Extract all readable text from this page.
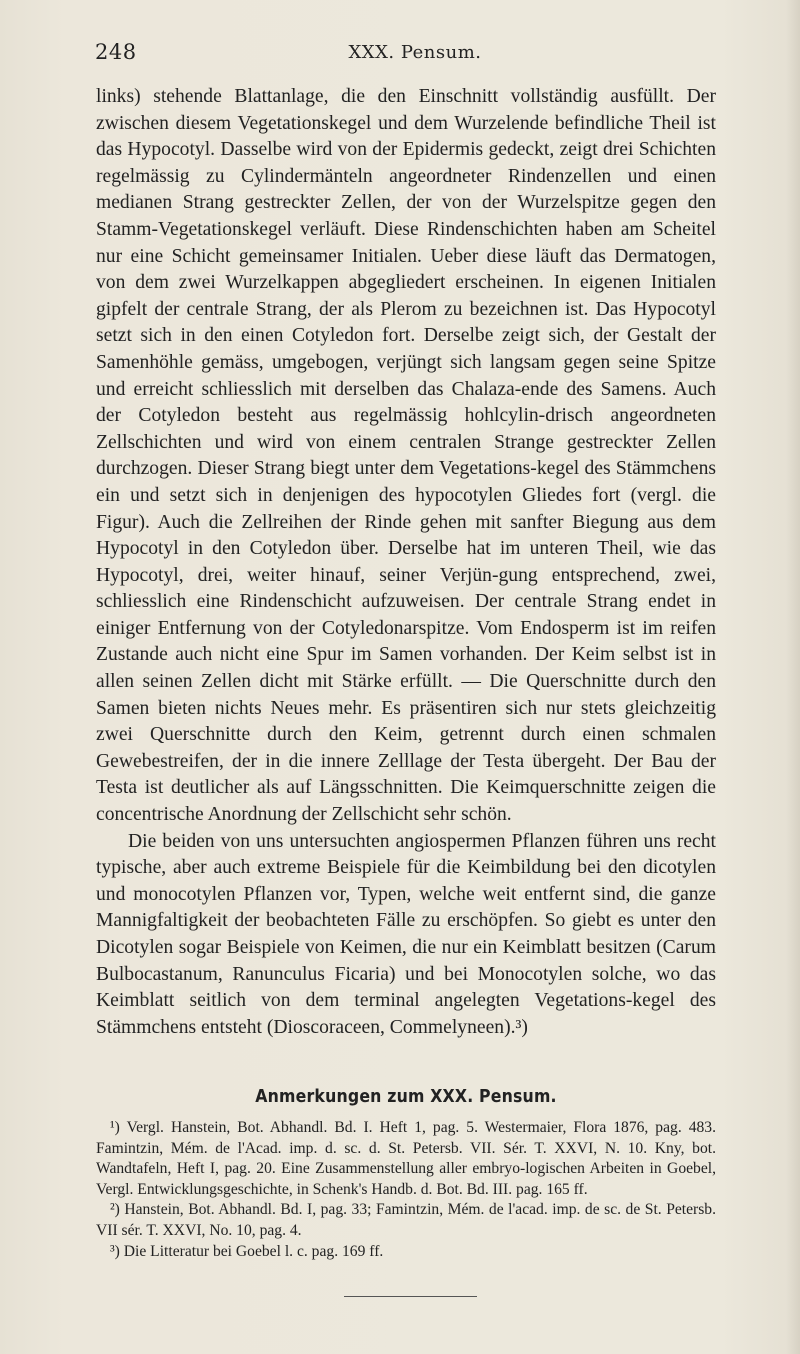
248	XXX. Pensum.

links) stehende Blattanlage, die den Einschnitt vollständig ausfüllt. Der zwischen diesem Vegetationskegel und dem Wurzelende befindliche Theil ist das Hypocotyl. Dasselbe wird von der Epidermis gedeckt, zeigt drei Schichten regelmässig zu Cylindermänteln angeordneter Rindenzellen und einen medianen Strang gestreckter Zellen, der von der Wurzelspitze gegen den Stamm-Vegetationskegel verläuft. Diese Rindenschichten haben am Scheitel nur eine Schicht gemeinsamer Initialen. Ueber diese läuft das Dermatogen, von dem zwei Wurzelkappen abgegliedert erscheinen. In eigenen Initialen gipfelt der centrale Strang, der als Plerom zu bezeichnen ist. Das Hypocotyl setzt sich in den einen Cotyledon fort. Derselbe zeigt sich, der Gestalt der Samenhöhle gemäss, umgebogen, verjüngt sich langsam gegen seine Spitze und erreicht schliesslich mit derselben das Chalaza-ende des Samens. Auch der Cotyledon besteht aus regelmässig hohlcylin-drisch angeordneten Zellschichten und wird von einem centralen Strange gestreckter Zellen durchzogen. Dieser Strang biegt unter dem Vegetations-kegel des Stämmchens ein und setzt sich in denjenigen des hypocotylen Gliedes fort (vergl. die Figur). Auch die Zellreihen der Rinde gehen mit sanfter Biegung aus dem Hypocotyl in den Cotyledon über. Derselbe hat im unteren Theil, wie das Hypocotyl, drei, weiter hinauf, seiner Verjün-gung entsprechend, zwei, schliesslich eine Rindenschicht aufzuweisen. Der centrale Strang endet in einiger Entfernung von der Cotyledonarspitze. Vom Endosperm ist im reifen Zustande auch nicht eine Spur im Samen vorhanden. Der Keim selbst ist in allen seinen Zellen dicht mit Stärke erfüllt. — Die Querschnitte durch den Samen bieten nichts Neues mehr. Es präsentiren sich nur stets gleichzeitig zwei Querschnitte durch den Keim, getrennt durch einen schmalen Gewebestreifen, der in die innere Zelllage der Testa übergeht. Der Bau der Testa ist deutlicher als auf Längsschnitten. Die Keimquerschnitte zeigen die concentrische Anordnung der Zellschicht sehr schön.

Die beiden von uns untersuchten angiospermen Pflanzen führen uns recht typische, aber auch extreme Beispiele für die Keimbildung bei den dicotylen und monocotylen Pflanzen vor, Typen, welche weit entfernt sind, die ganze Mannigfaltigkeit der beobachteten Fälle zu erschöpfen. So giebt es unter den Dicotylen sogar Beispiele von Keimen, die nur ein Keimblatt besitzen (Carum Bulbocastanum, Ranunculus Ficaria) und bei Monocotylen solche, wo das Keimblatt seitlich von dem terminal angelegten Vegetations-kegel des Stämmchens entsteht (Dioscoraceen, Commelyneen).³)

Anmerkungen zum XXX. Pensum.

¹) Vergl. Hanstein, Bot. Abhandl. Bd. I. Heft 1, pag. 5. Westermaier, Flora 1876, pag. 483. Famintzin, Mém. de l'Acad. imp. d. sc. d. St. Petersb. VII. Sér. T. XXVI, N. 10. Kny, bot. Wandtafeln, Heft I, pag. 20. Eine Zusammenstellung aller embryo-logischen Arbeiten in Goebel, Vergl. Entwicklungsgeschichte, in Schenk's Handb. d. Bot. Bd. III. pag. 165 ff.

²) Hanstein, Bot. Abhandl. Bd. I, pag. 33; Famintzin, Mém. de l'acad. imp. de sc. de St. Petersb. VII sér. T. XXVI, No. 10, pag. 4.

³) Die Litteratur bei Goebel l. c. pag. 169 ff.
